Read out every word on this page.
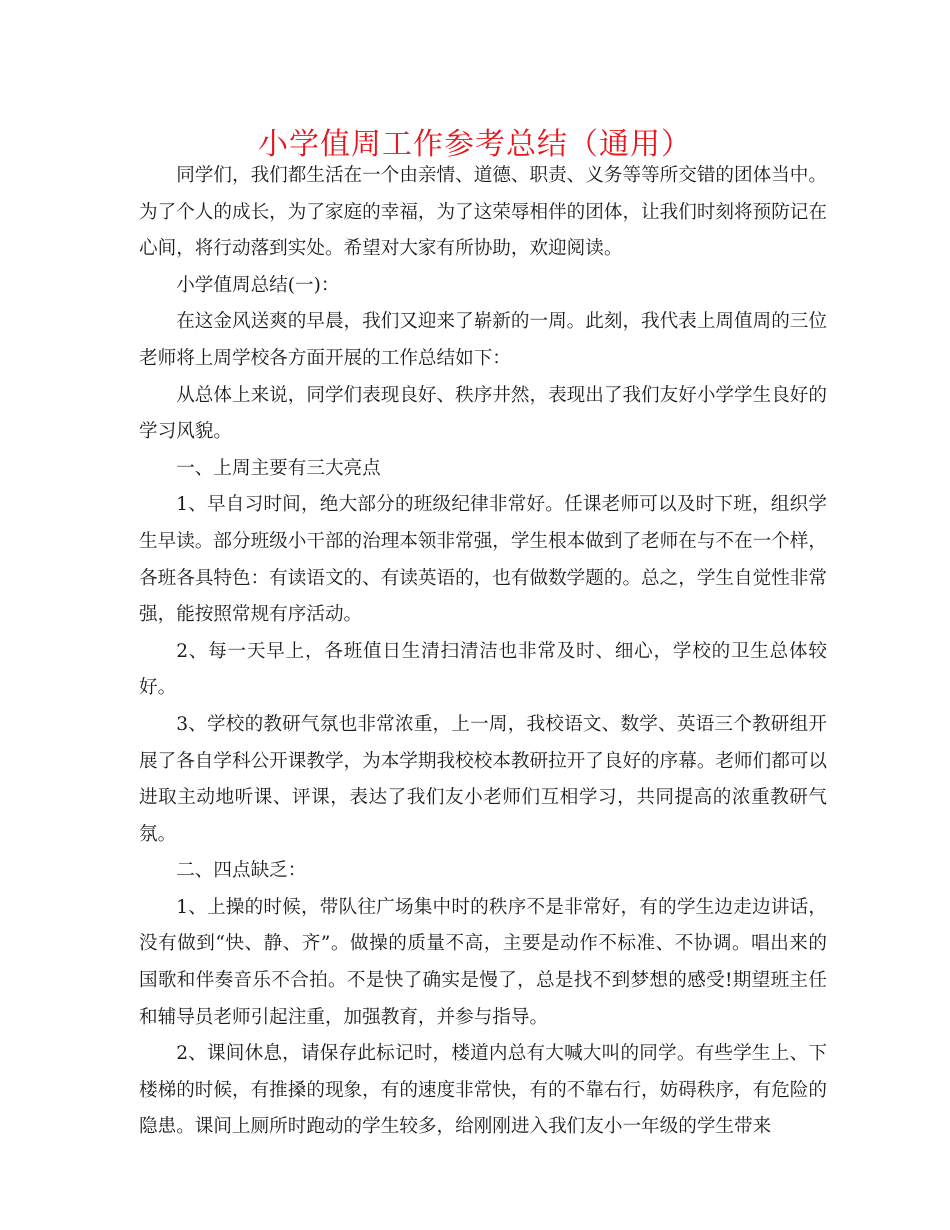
小学值周工作参考总结（通用）

同学们，我们都生活在一个由亲情、道德、职责、义务等等所交错的团体当中。为了个人的成长，为了家庭的幸福，为了这荣辱相伴的团体，让我们时刻将预防记在心间，将行动落到实处。希望对大家有所协助，欢迎阅读。

小学值周总结(一)：

在这金风送爽的早晨，我们又迎来了崭新的一周。此刻，我代表上周值周的三位老师将上周学校各方面开展的工作总结如下：

从总体上来说，同学们表现良好、秩序井然，表现出了我们友好小学学生良好的学习风貌。

一、上周主要有三大亮点

1、早自习时间，绝大部分的班级纪律非常好。任课老师可以及时下班，组织学生早读。部分班级小干部的治理本领非常强，学生根本做到了老师在与不在一个样，各班各具特色：有读语文的、有读英语的，也有做数学题的。总之，学生自觉性非常强，能按照常规有序活动。

2、每一天早上，各班值日生清扫清洁也非常及时、细心，学校的卫生总体较好。

3、学校的教研气氛也非常浓重，上一周，我校语文、数学、英语三个教研组开展了各自学科公开课教学，为本学期我校校本教研拉开了良好的序幕。老师们都可以进取主动地听课、评课，表达了我们友小老师们互相学习，共同提高的浓重教研气氛。

二、四点缺乏：

1、上操的时候，带队往广场集中时的秩序不是非常好，有的学生边走边讲话，没有做到“快、静、齐”。做操的质量不高，主要是动作不标准、不协调。唱出来的国歌和伴奏音乐不合拍。不是快了确实是慢了，总是找不到梦想的感受!期望班主任和辅导员老师引起注重，加强教育，并参与指导。

2、课间休息，请保存此标记时，楼道内总有大喊大叫的同学。有些学生上、下楼梯的时候，有推搡的现象，有的速度非常快，有的不靠右行，妨碍秩序，有危险的隐患。课间上厕所时跑动的学生较多，给刚刚进入我们友小一年级的学生带来
